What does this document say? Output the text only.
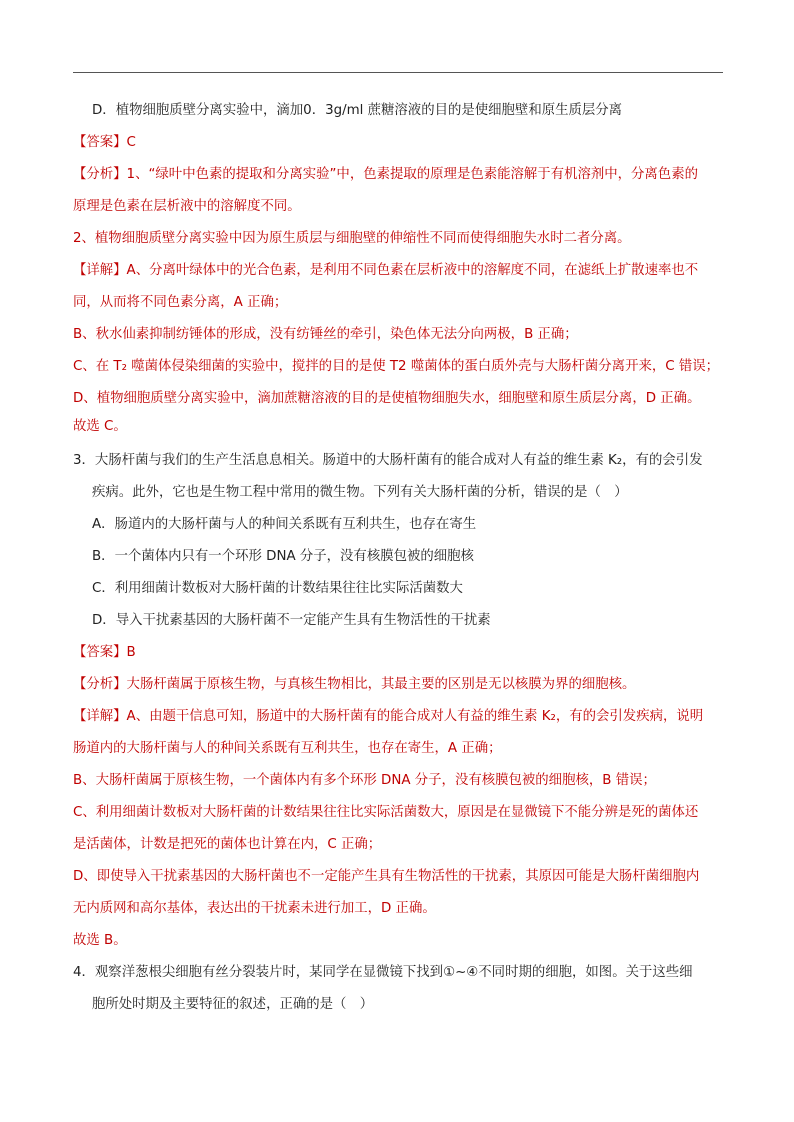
D．植物细胞质壁分离实验中，滴加0．3g/ml 蔗糖溶液的目的是使细胞壁和原生质层分离
【答案】C
【分析】1、“绿叶中色素的提取和分离实验”中，色素提取的原理是色素能溶解于有机溶剂中，分离色素的
原理是色素在层析液中的溶解度不同。
2、植物细胞质壁分离实验中因为原生质层与细胞壁的伸缩性不同而使得细胞失水时二者分离。
【详解】A、分离叶绿体中的光合色素，是利用不同色素在层析液中的溶解度不同，在滤纸上扩散速率也不
同，从而将不同色素分离，A 正确；
B、秋水仙素抑制纺锤体的形成，没有纺锤丝的牵引，染色体无法分向两极，B 正确；
C、在 T₂ 噬菌体侵染细菌的实验中，搅拌的目的是使 T2 噬菌体的蛋白质外壳与大肠杆菌分离开来，C 错误；
D、植物细胞质壁分离实验中，滴加蔗糖溶液的目的是使植物细胞失水，细胞壁和原生质层分离，D 正确。
故选 C。
3．大肠杆菌与我们的生产生活息息相关。肠道中的大肠杆菌有的能合成对人有益的维生素 K₂，有的会引发
疾病。此外，它也是生物工程中常用的微生物。下列有关大肠杆菌的分析，错误的是（　）
A．肠道内的大肠杆菌与人的种间关系既有互利共生，也存在寄生
B．一个菌体内只有一个环形 DNA 分子，没有核膜包被的细胞核
C．利用细菌计数板对大肠杆菌的计数结果往往比实际活菌数大
D．导入干扰素基因的大肠杆菌不一定能产生具有生物活性的干扰素
【答案】B
【分析】大肠杆菌属于原核生物，与真核生物相比，其最主要的区别是无以核膜为界的细胞核。
【详解】A、由题干信息可知，肠道中的大肠杆菌有的能合成对人有益的维生素 K₂，有的会引发疾病，说明
肠道内的大肠杆菌与人的种间关系既有互利共生，也存在寄生，A 正确；
B、大肠杆菌属于原核生物，一个菌体内有多个环形 DNA 分子，没有核膜包被的细胞核，B 错误；
C、利用细菌计数板对大肠杆菌的计数结果往往比实际活菌数大，原因是在显微镜下不能分辨是死的菌体还
是活菌体，计数是把死的菌体也计算在内，C 正确；
D、即使导入干扰素基因的大肠杆菌也不一定能产生具有生物活性的干扰素，其原因可能是大肠杆菌细胞内
无内质网和高尔基体，表达出的干扰素未进行加工，D 正确。
故选 B。
4．观察洋葱根尖细胞有丝分裂装片时，某同学在显微镜下找到①~④不同时期的细胞，如图。关于这些细
胞所处时期及主要特征的叙述，正确的是（　）
